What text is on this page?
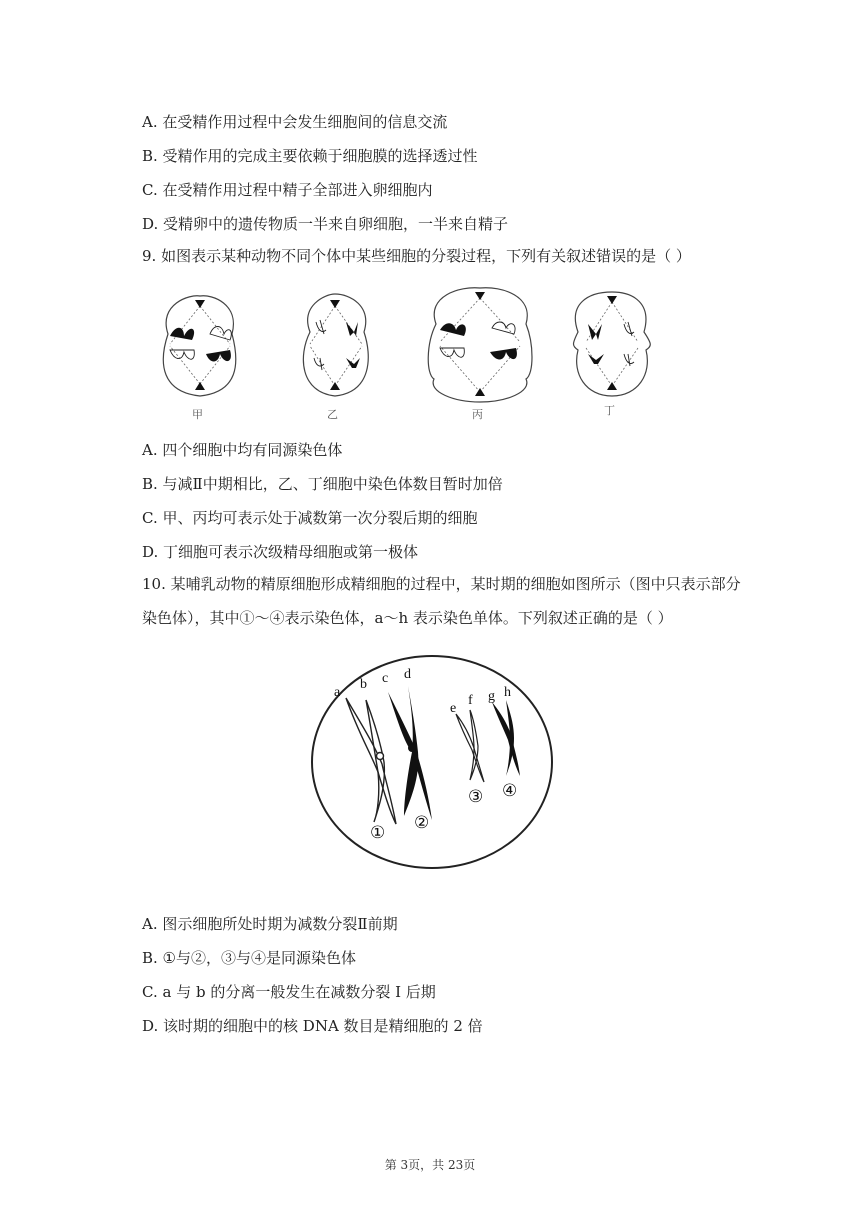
A. 在受精作用过程中会发生细胞间的信息交流
B. 受精作用的完成主要依赖于细胞膜的选择透过性
C. 在受精作用过程中精子全部进入卵细胞内
D. 受精卵中的遗传物质一半来自卵细胞，一半来自精子
9. 如图表示某种动物不同个体中某些细胞的分裂过程，下列有关叙述错误的是（ ）
甲	乙	丙	丁
A. 四个细胞中均有同源染色体
B. 与减Ⅱ中期相比，乙、丁细胞中染色体数目暂时加倍
C. 甲、丙均可表示处于减数第一次分裂后期的细胞
D. 丁细胞可表示次级精母细胞或第一极体
10. 某哺乳动物的精原细胞形成精细胞的过程中，某时期的细胞如图所示（图中只表示部分
染色体），其中①～④表示染色体，a～h 表示染色单体。下列叙述正确的是（ ）
a
b c d
e
f g h
① ②
③ ④
A. 图示细胞所处时期为减数分裂Ⅱ前期
B. ①与②，③与④是同源染色体
C. a 与 b 的分离一般发生在减数分裂 I 后期
D. 该时期的细胞中的核 DNA 数目是精细胞的 2 倍
第 3页，共 23页
